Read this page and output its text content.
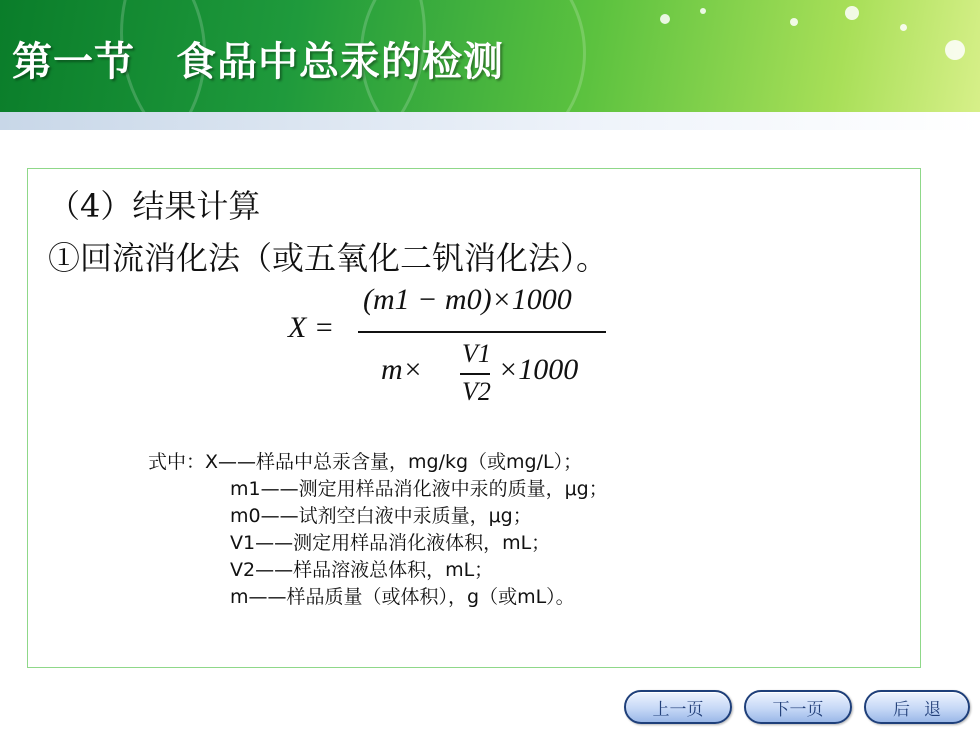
第一节　食品中总汞的检测

（4）结果计算

①回流消化法（或五氧化二钒消化法）。

X =
(m1 − m0)×1000
m× V1
V2
×1000
式中：X——样品中总汞含量，mg/kg（或mg/L）；
m1——测定用样品消化液中汞的质量，μg；
m0——试剂空白液中汞质量，μg；
V1——测定用样品消化液体积，mL；
V2——样品溶液总体积，mL；
m——样品质量（或体积），g（或mL）。
上一页	下一页	后退
